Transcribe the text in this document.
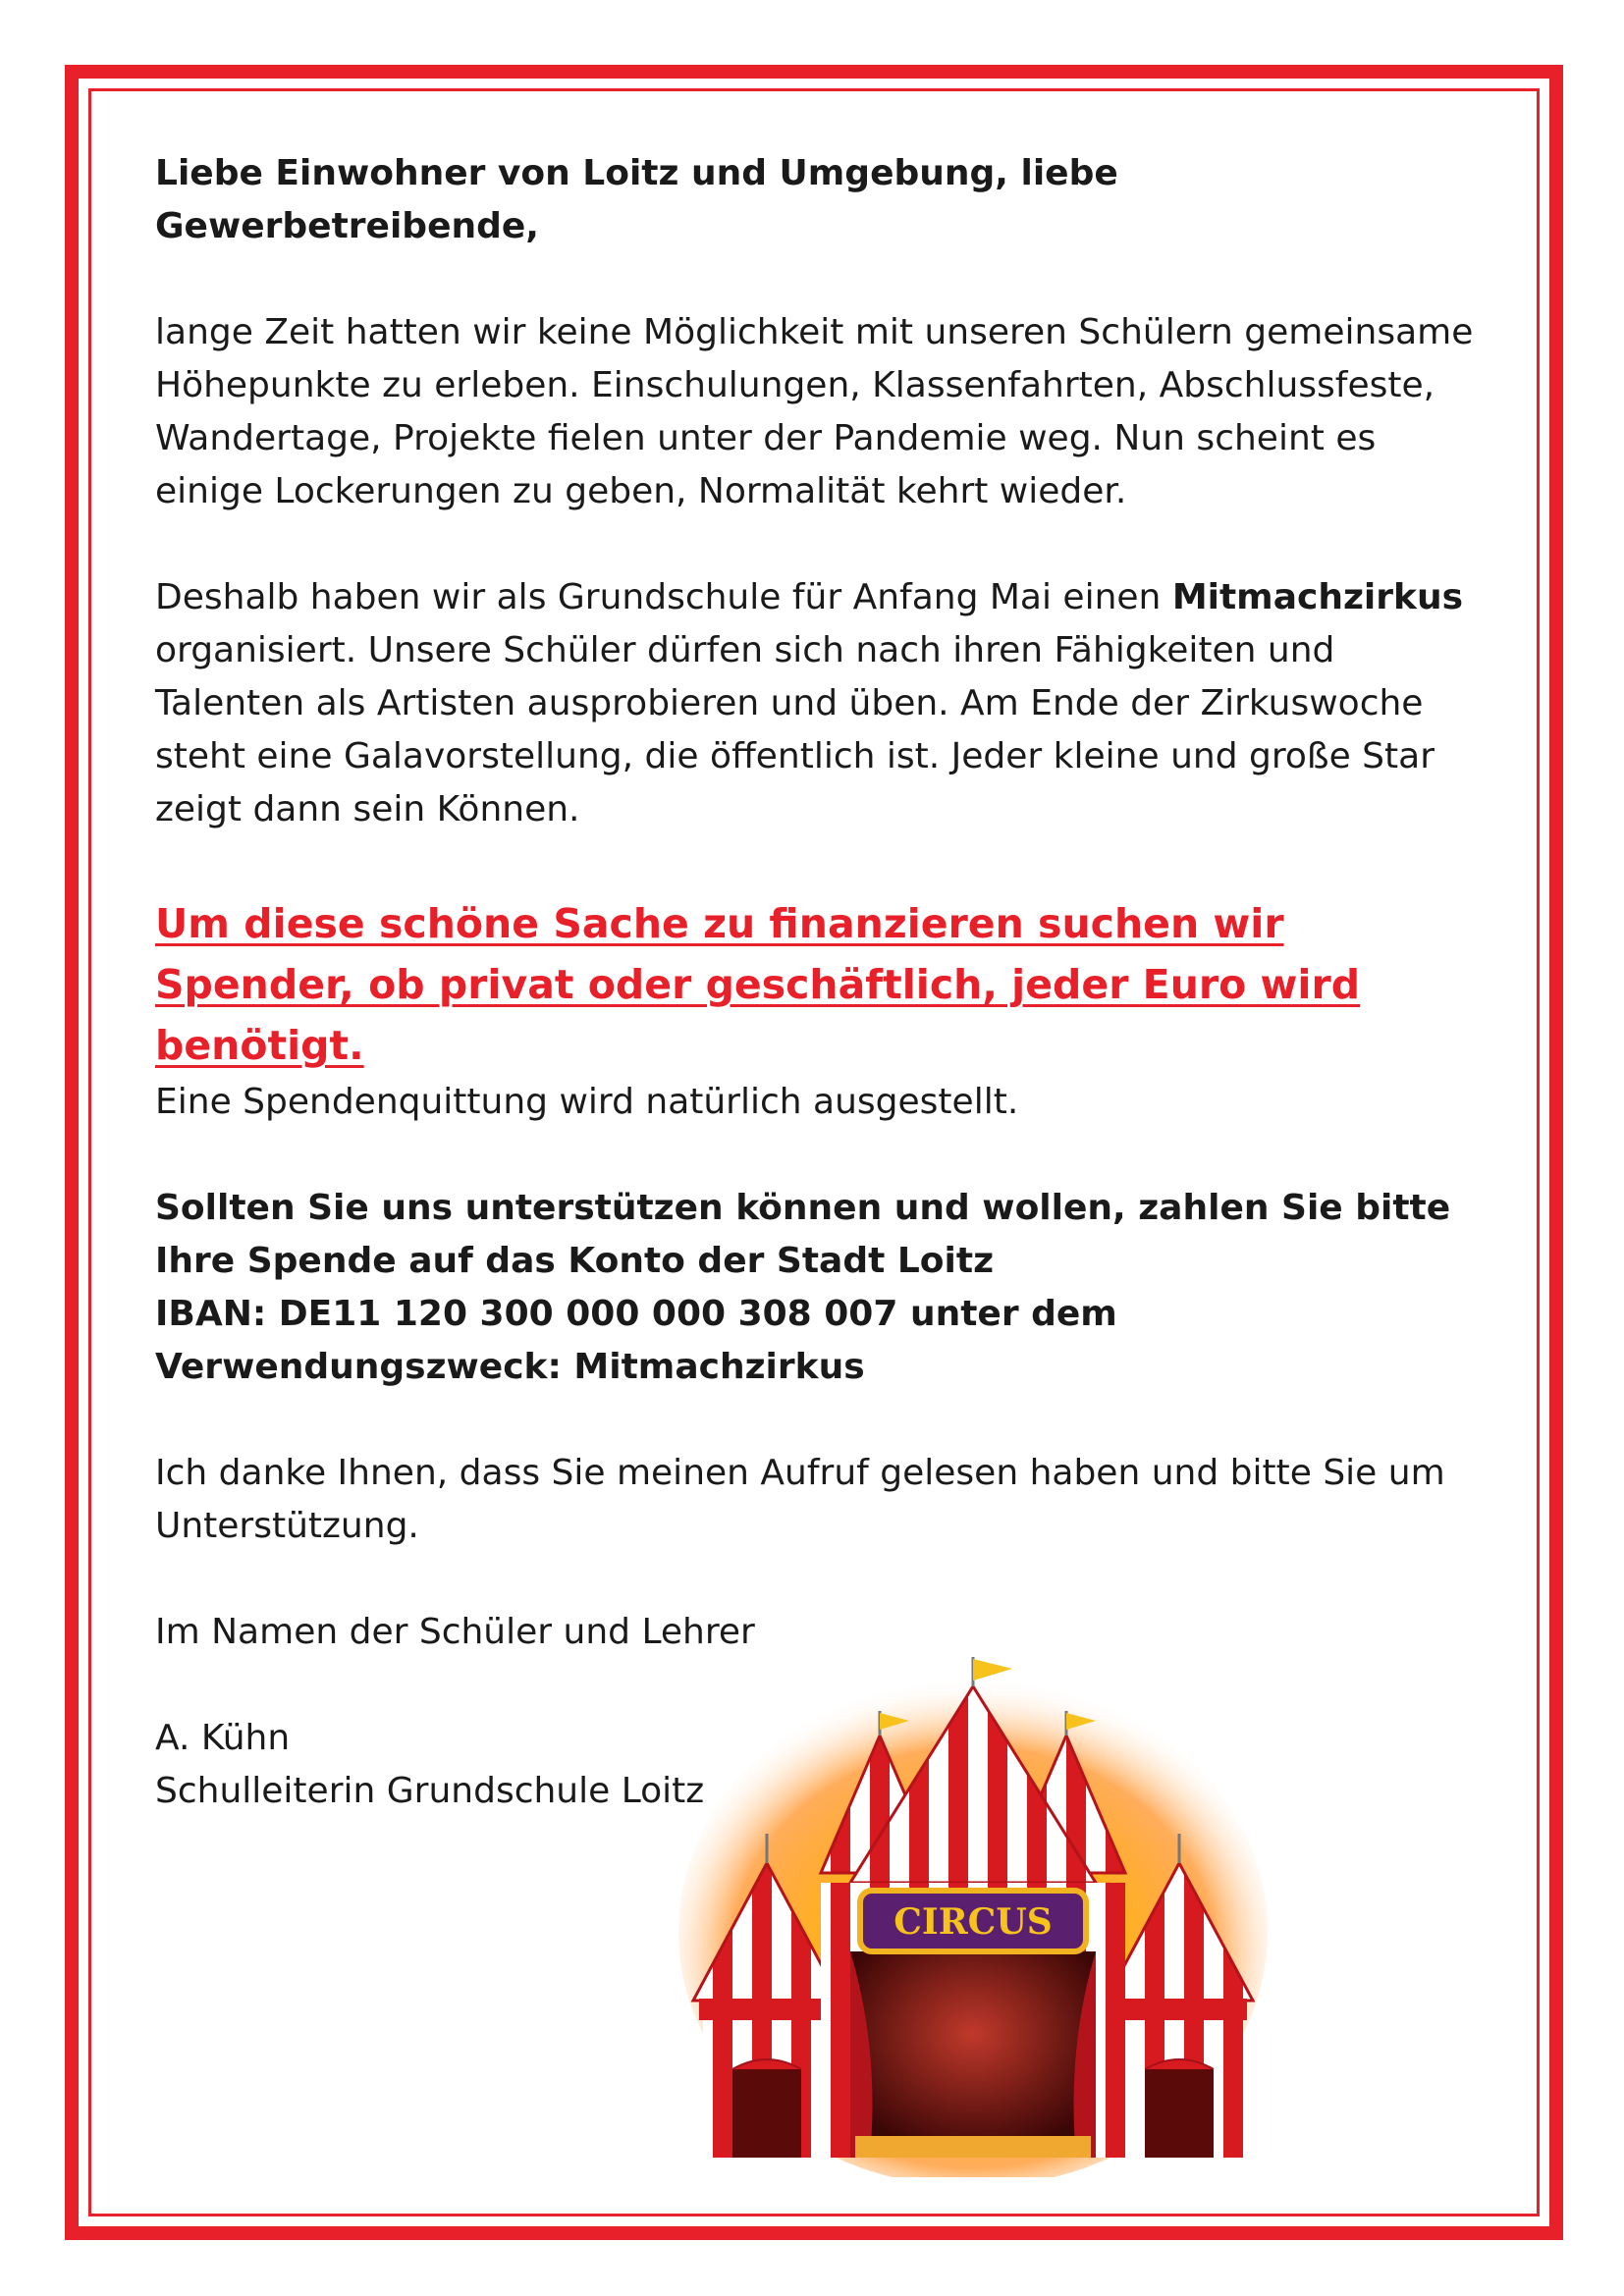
Liebe Einwohner von Loitz und Umgebung, liebe Gewerbetreibende,

lange Zeit hatten wir keine Möglichkeit mit unseren Schülern gemeinsame Höhepunkte zu erleben. Einschulungen, Klassenfahrten, Abschlussfeste, Wandertage, Projekte fielen unter der Pandemie weg. Nun scheint es einige Lockerungen zu geben, Normalität kehrt wieder.

Deshalb haben wir als Grundschule für Anfang Mai einen Mitmachzirkus organisiert. Unsere Schüler dürfen sich nach ihren Fähigkeiten und Talenten als Artisten ausprobieren und üben. Am Ende der Zirkuswoche steht eine Galavorstellung, die öffentlich ist. Jeder kleine und große Star zeigt dann sein Können.

Um diese schöne Sache zu finanzieren suchen wir Spender, ob privat oder geschäftlich, jeder Euro wird benötigt.

Eine Spendenquittung wird natürlich ausgestellt.

Sollten Sie uns unterstützen können und wollen, zahlen Sie bitte Ihre Spende auf das Konto der Stadt Loitz

IBAN: DE11 120 300 000 000 308 007 unter dem

Verwendungszweck: Mitmachzirkus

Ich danke Ihnen, dass Sie meinen Aufruf gelesen haben und bitte Sie um Unterstützung.

Im Namen der Schüler und Lehrer

A. Kühn

Schulleiterin Grundschule Loitz

CIRCUS
